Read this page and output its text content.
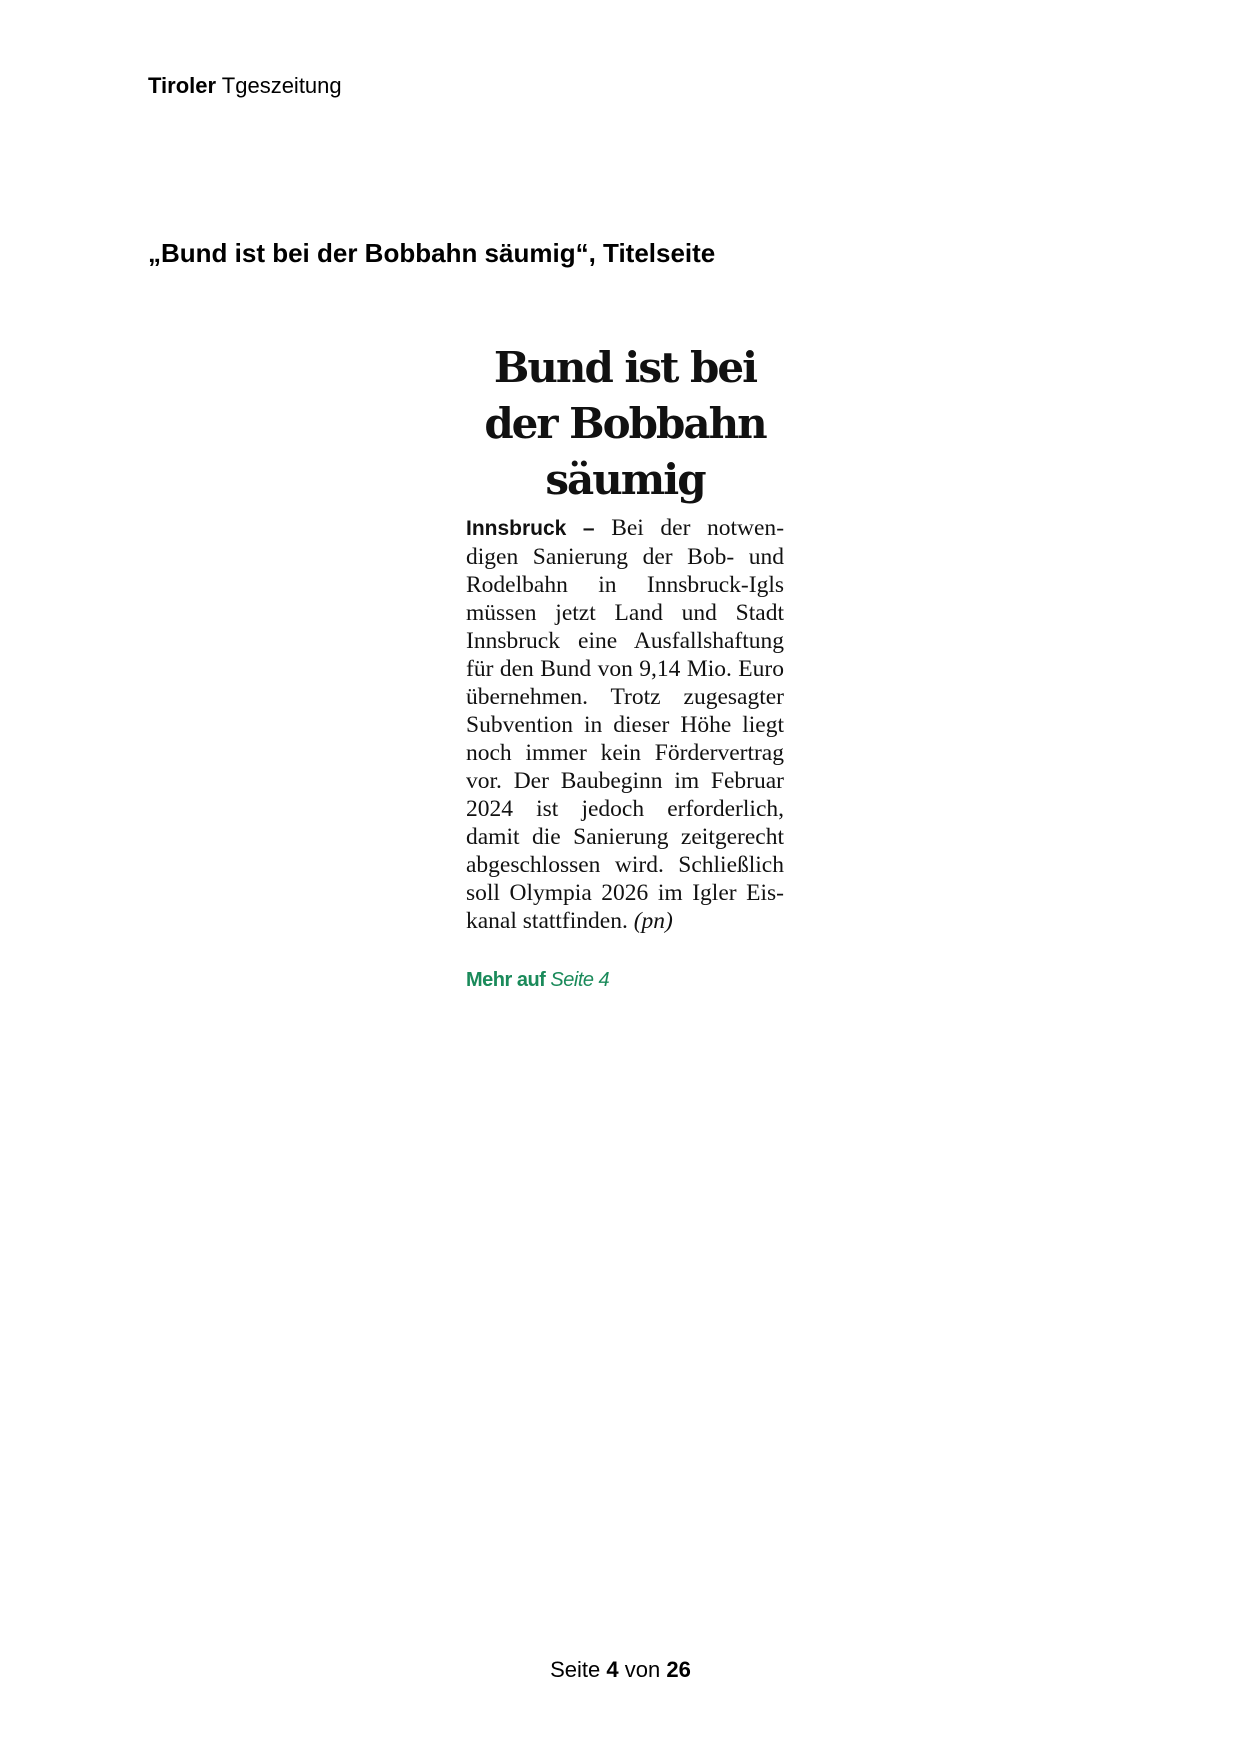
Tiroler Tgeszeitung
„Bund ist bei der Bobbahn säumig“, Titelseite
Bund ist bei der Bobbahn säumig

Innsbruck – Bei der notwendigen Sanierung der Bob- und Rodelbahn in Innsbruck-Igls müssen jetzt Land und Stadt Innsbruck eine Ausfallshaftung für den Bund von 9,14 Mio. Euro übernehmen. Trotz zugesagter Subvention in dieser Höhe liegt noch immer kein Fördervertrag vor. Der Baubeginn im Februar 2024 ist jedoch erforderlich, damit die Sanierung zeitgerecht abgeschlossen wird. Schließlich soll Olympia 2026 im Igler Eiskanal stattfinden. (pn)

Mehr auf Seite 4
Seite 4 von 26
